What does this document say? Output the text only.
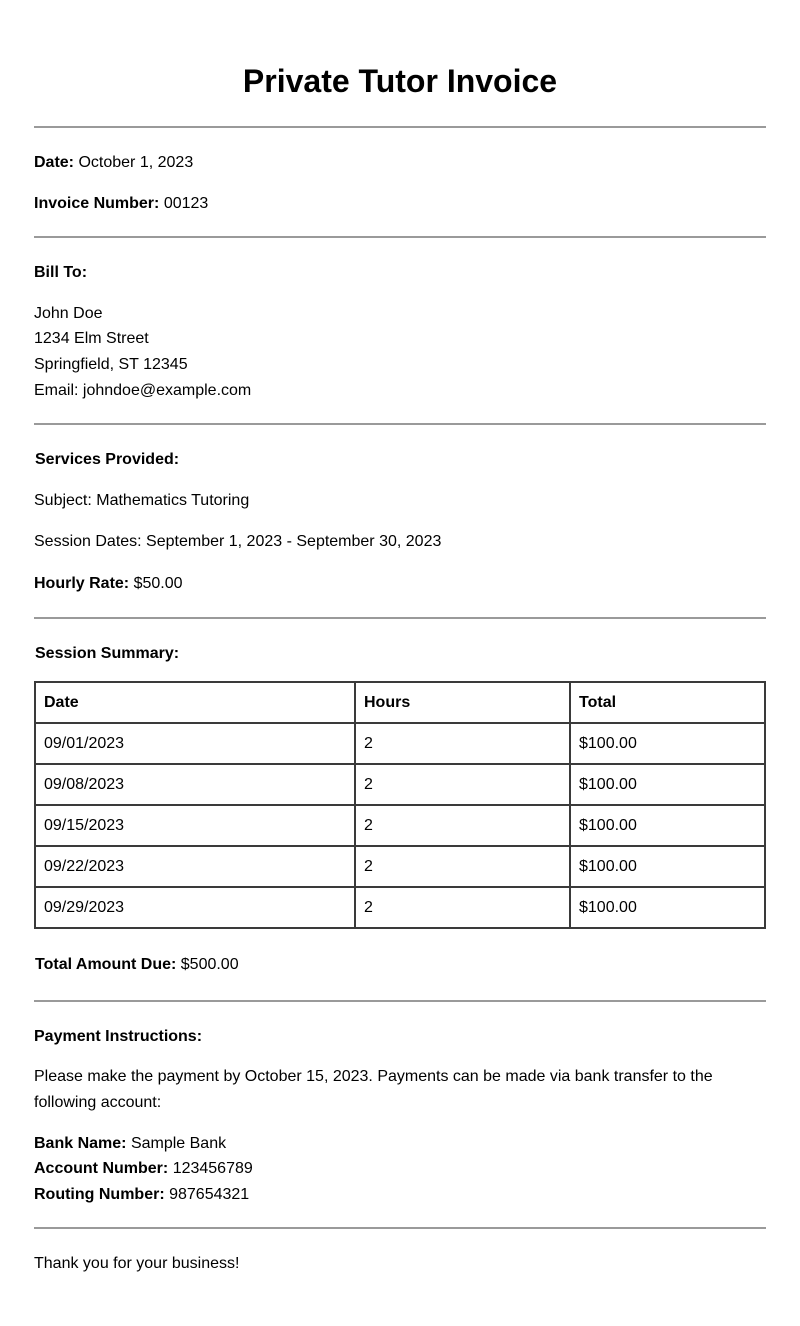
Private Tutor Invoice

Date: October 1, 2023

Invoice Number: 00123

Bill To:

John Doe
1234 Elm Street
Springfield, ST 12345
Email: johndoe@example.com

Services Provided:

Subject: Mathematics Tutoring

Session Dates: September 1, 2023 - September 30, 2023

Hourly Rate: $50.00

Session Summary:

Date	Hours	Total
09/01/2023	2	$100.00
09/08/2023	2	$100.00
09/15/2023	2	$100.00
09/22/2023	2	$100.00
09/29/2023	2	$100.00

Total Amount Due: $500.00

Payment Instructions:

Please make the payment by October 15, 2023. Payments can be made via bank transfer to the following account:

Bank Name: Sample Bank
Account Number: 123456789
Routing Number: 987654321

Thank you for your business!
